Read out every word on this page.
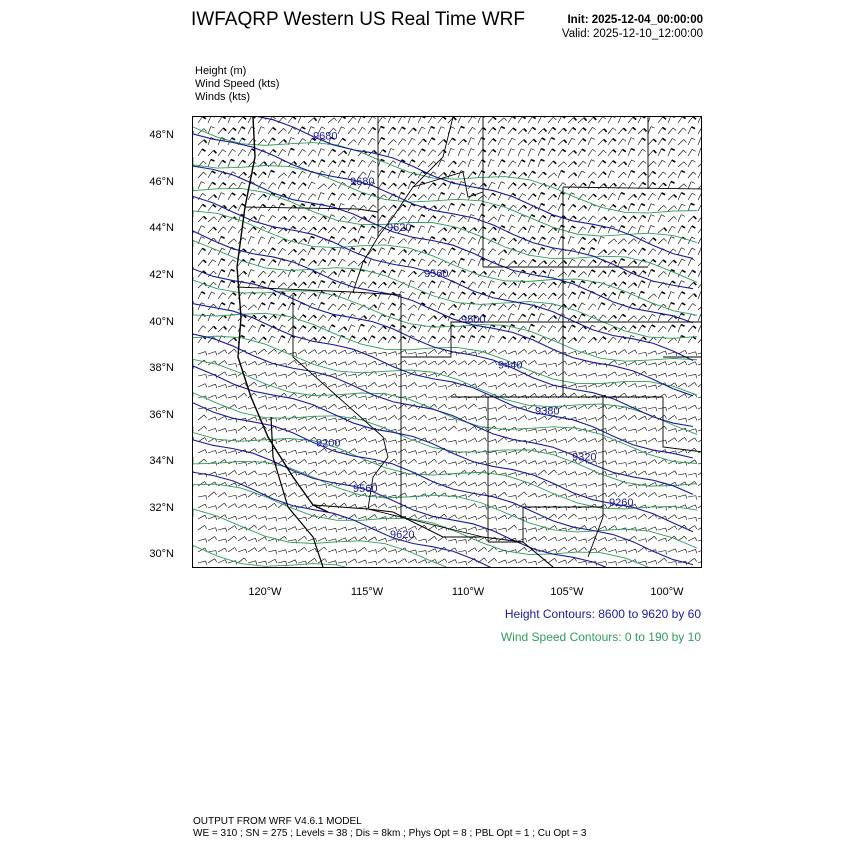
IWFAQRP Western US Real Time WRF	Init: 2025-12-04_00:00:00
Valid: 2025-12-10_12:00:00
Height (m)
Wind Speed (kts)
Winds (kts)
9680
9680
9620
9560
9500
9440
9380
9320
9260
9200
9560
9620
48°N
46°N
44°N
42°N
40°N
38°N
36°N
34°N
32°N
30°N
120°W	115°W	110°W	105°W	100°W
Height Contours: 8600 to 9620 by 60
Wind Speed Contours: 0 to 190 by 10
OUTPUT FROM WRF V4.6.1 MODEL
WE = 310 ; SN = 275 ; Levels = 38 ; Dis = 8km ; Phys Opt = 8 ; PBL Opt = 1 ; Cu Opt = 3
